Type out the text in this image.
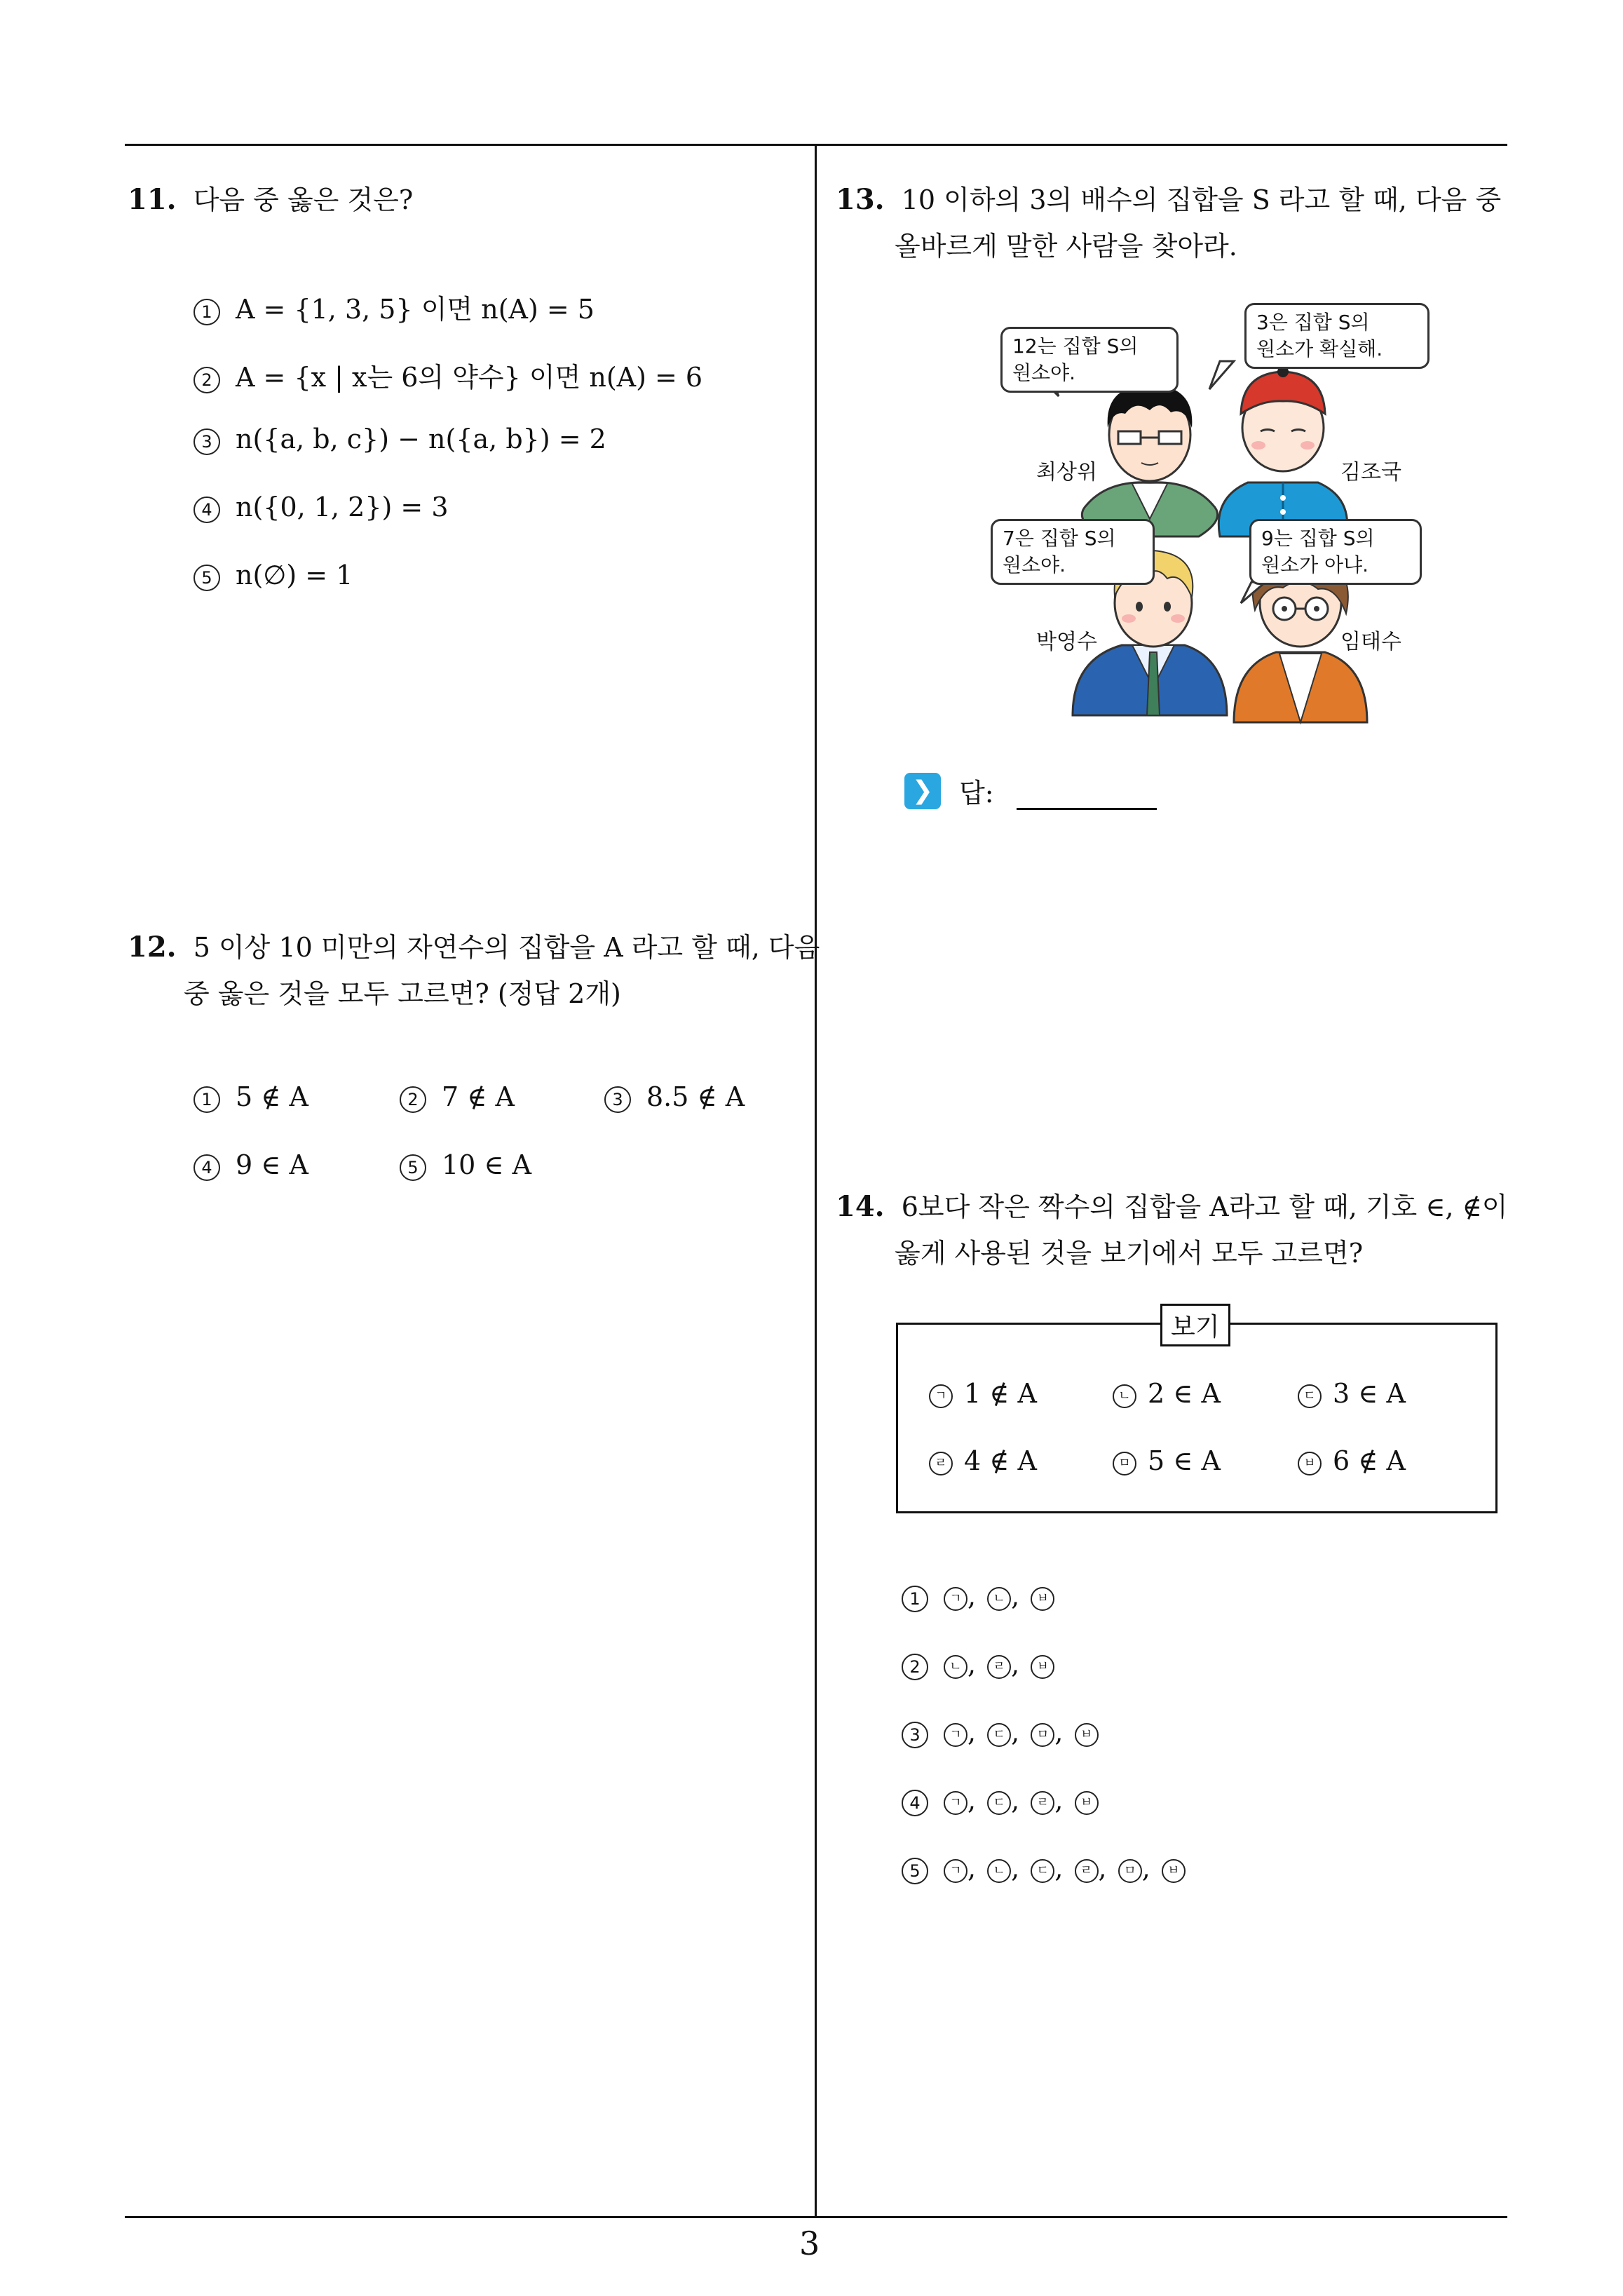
11. 다음 중 옳은 것은?
1 A = {1, 3, 5} 이면 n(A) = 5
2 A = {x | x는 6의 약수} 이면 n(A) = 6
3 n({a, b, c}) − n({a, b}) = 2
4 n({0, 1, 2}) = 3
5 n(∅) = 1
12. 5 이상 10 미만의 자연수의 집합을 A 라고 할 때, 다음
중 옳은 것을 모두 고르면? (정답 2개)
1 5 ∉ A	2 7 ∉ A	3 8.5 ∉ A
4 9 ∈ A	5 10 ∈ A
13. 10 이하의 3의 배수의 집합을 S 라고 할 때, 다음 중
올바르게 말한 사람을 찾아라.
12는 집합 S의
원소야.
3은 집합 S의
원소가 확실해.
7은 집합 S의
원소야.
9는 집합 S의
원소가 아냐.
최상위	김조국
박영수	임태수
❯ 답:
14. 6보다 작은 짝수의 집합을 A라고 할 때, 기호 ∈, ∉이
옳게 사용된 것을 보기에서 모두 고르면?
보기
ㄱ 1 ∉ A	ㄴ 2 ∈ A	ㄷ 3 ∈ A
ㄹ 4 ∉ A	ㅁ 5 ∈ A	ㅂ 6 ∉ A
1 ㄱ , ㄴ , ㅂ
2 ㄴ , ㄹ , ㅂ
3 ㄱ , ㄷ , ㅁ , ㅂ
4 ㄱ , ㄷ , ㄹ , ㅂ
5 ㄱ , ㄴ , ㄷ , ㄹ , ㅁ , ㅂ
3
